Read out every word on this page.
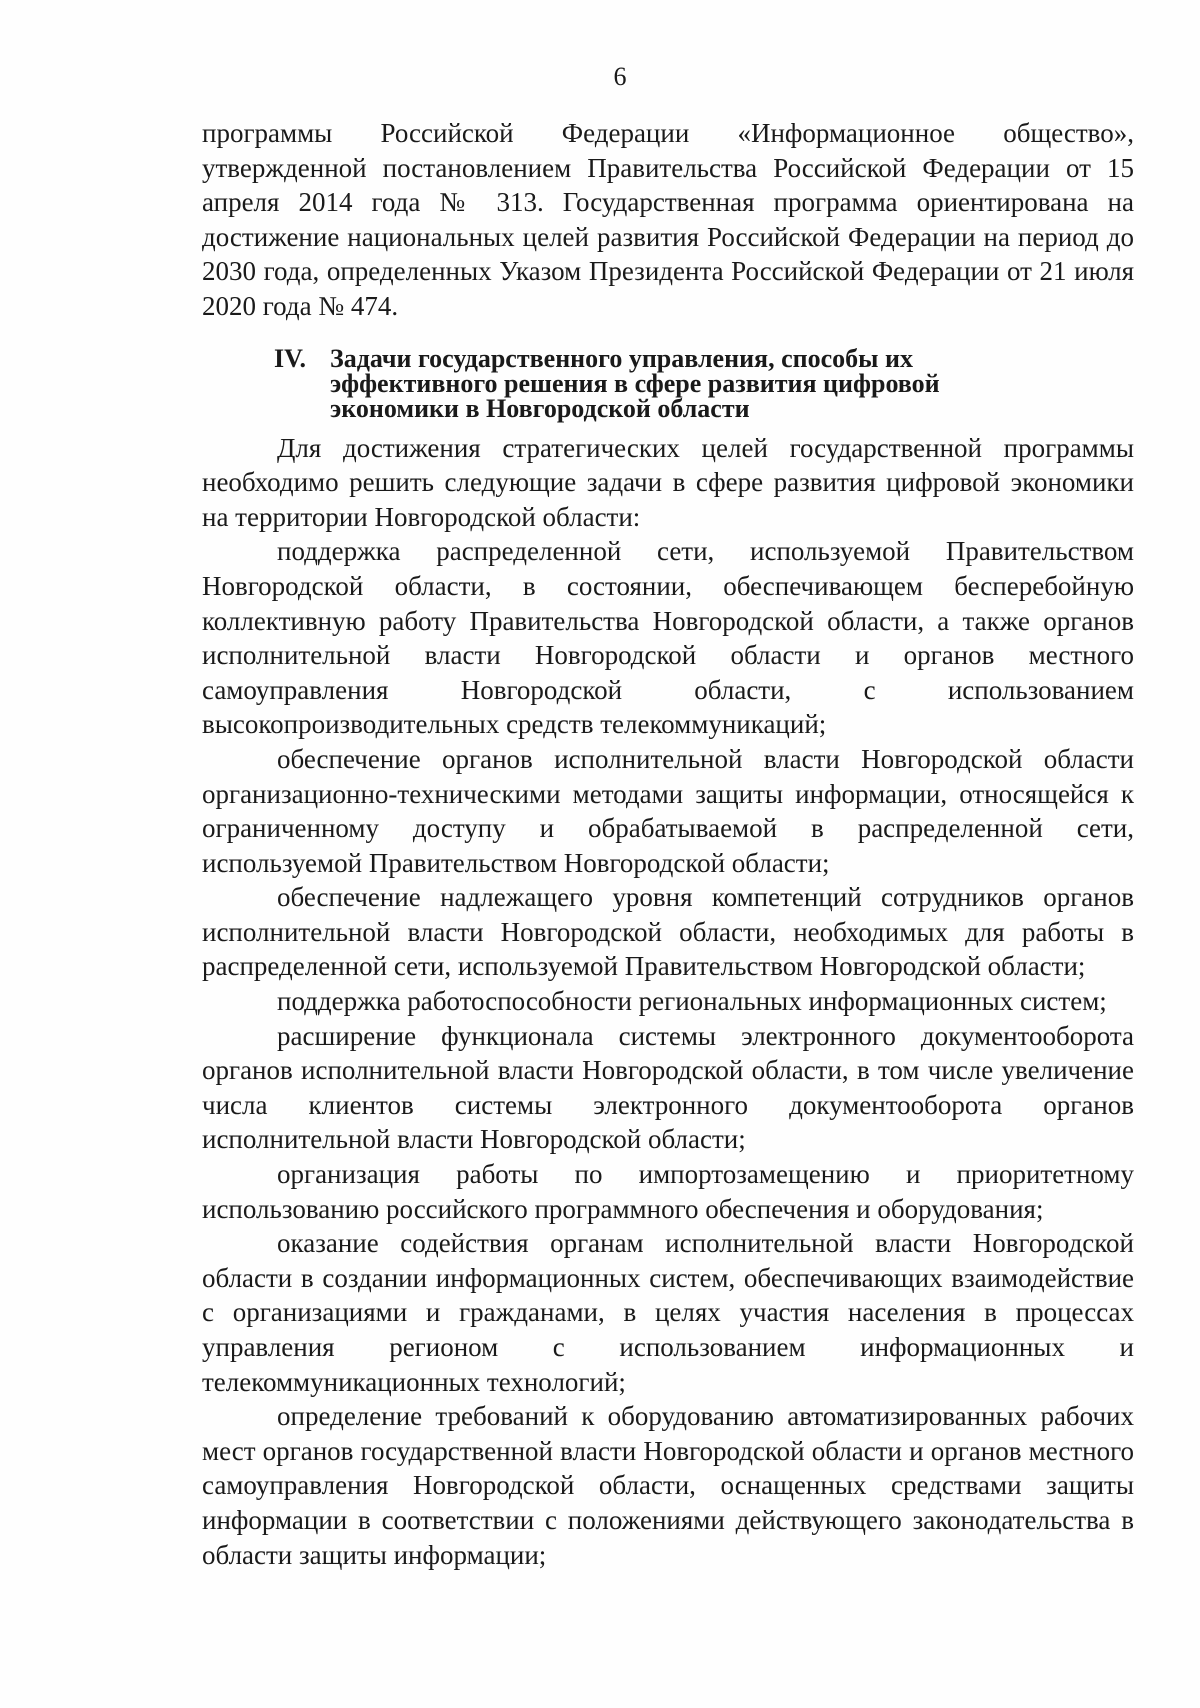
6

программы Российской Федерации «Информационное общество», утвержденной постановлением Правительства Российской Федерации от 15 апреля 2014 года № 313. Государственная программа ориентирована на достижение национальных целей развития Российской Федерации на период до 2030 года, определенных Указом Президента Российской Федерации от 21 июля 2020 года № 474.

IV. Задачи государственного управления, способы их эффективного решения в сфере развития цифровой экономики в Новгородской области

Для достижения стратегических целей государственной программы необходимо решить следующие задачи в сфере развития цифровой экономики на территории Новгородской области:

поддержка распределенной сети, используемой Правительством Новгородской области, в состоянии, обеспечивающем бесперебойную коллективную работу Правительства Новгородской области, а также органов исполнительной власти Новгородской области и органов местного самоуправления Новгородской области, с использованием высокопроизводительных средств телекоммуникаций;

обеспечение органов исполнительной власти Новгородской области организационно-техническими методами защиты информации, относящейся к ограниченному доступу и обрабатываемой в распределенной сети, используемой Правительством Новгородской области;

обеспечение надлежащего уровня компетенций сотрудников органов исполнительной власти Новгородской области, необходимых для работы в распределенной сети, используемой Правительством Новгородской области;

поддержка работоспособности региональных информационных систем;

расширение функционала системы электронного документооборота органов исполнительной власти Новгородской области, в том числе увеличение числа клиентов системы электронного документооборота органов исполнительной власти Новгородской области;

организация работы по импортозамещению и приоритетному использованию российского программного обеспечения и оборудования;

оказание содействия органам исполнительной власти Новгородской области в создании информационных систем, обеспечивающих взаимодействие с организациями и гражданами, в целях участия населения в процессах управления регионом с использованием информационных и телекоммуникационных технологий;

определение требований к оборудованию автоматизированных рабочих мест органов государственной власти Новгородской области и органов местного самоуправления Новгородской области, оснащенных средствами защиты информации в соответствии с положениями действующего законодательства в области защиты информации;
